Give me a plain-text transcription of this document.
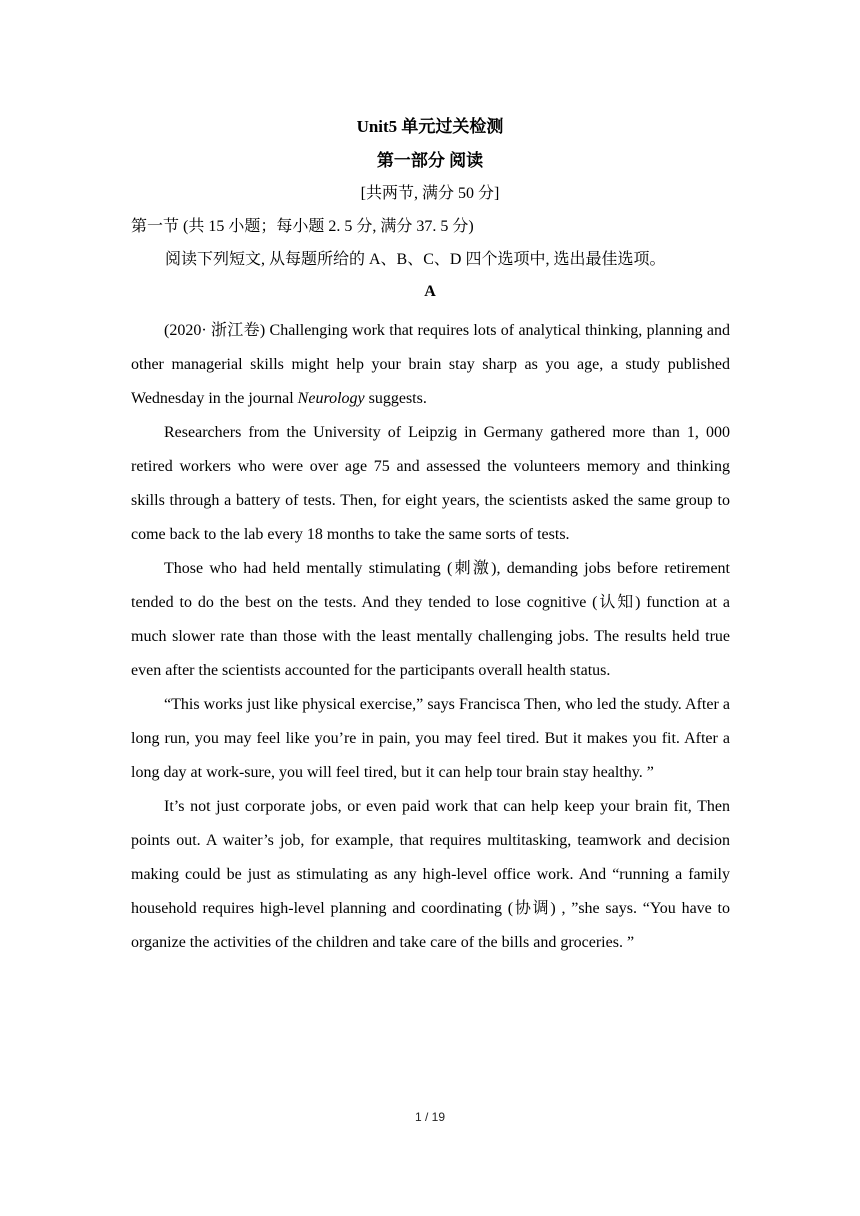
Unit5 单元过关检测
第一部分 阅读
[共两节, 满分 50 分]
第一节 (共 15 小题；每小题 2. 5 分, 满分 37. 5 分)
阅读下列短文, 从每题所给的 A、B、C、D 四个选项中, 选出最佳选项。
A

(2020· 浙江卷) Challenging work that requires lots of analytical thinking, planning and other managerial skills might help your brain stay sharp as you age, a study published Wednesday in the journal Neurology suggests.

Researchers from the University of Leipzig in Germany gathered more than 1, 000 retired workers who were over age 75 and assessed the volunteers memory and thinking skills through a battery of tests. Then, for eight years, the scientists asked the same group to come back to the lab every 18 months to take the same sorts of tests.

Those who had held mentally stimulating (刺激), demanding jobs before retirement tended to do the best on the tests. And they tended to lose cognitive (认知) function at a much slower rate than those with the least mentally challenging jobs. The results held true even after the scientists accounted for the participants overall health status.

“This works just like physical exercise,” says Francisca Then, who led the study. After a long run, you may feel like you’re in pain, you may feel tired. But it makes you fit. After a long day at work-sure, you will feel tired, but it can help tour brain stay healthy. ”

It’s not just corporate jobs, or even paid work that can help keep your brain fit, Then points out. A waiter’s job, for example, that requires multitasking, teamwork and decision making could be just as stimulating as any high-level office work. And “running a family household requires high-level planning and coordinating (协调) , ”she says. “You have to organize the activities of the children and take care of the bills and groceries. ”

1 / 19
